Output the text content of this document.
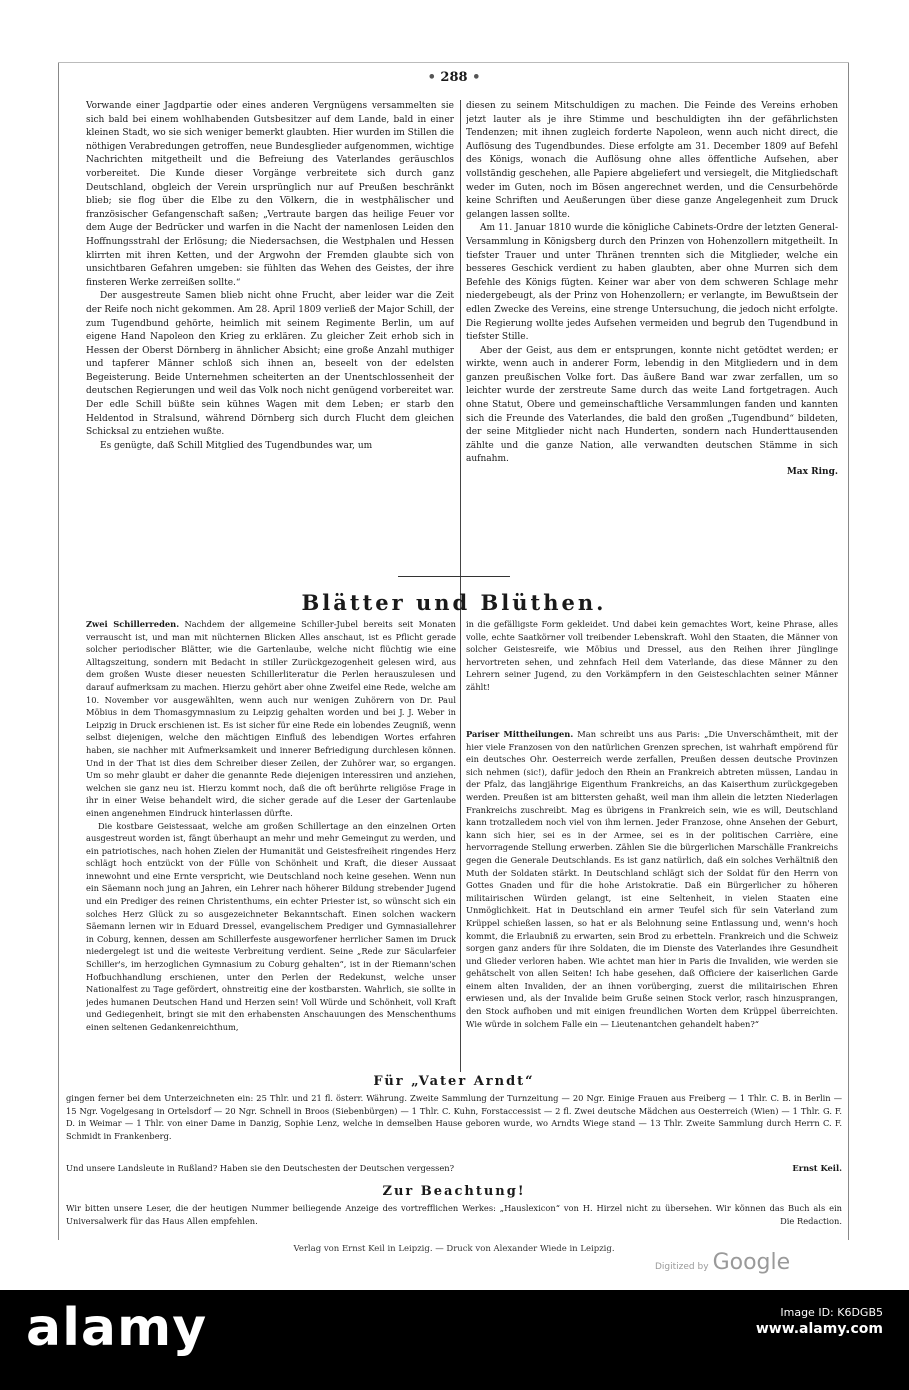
• 288 •

Vorwande einer Jagdpartie oder eines anderen Vergnügens versammelten sie sich bald bei einem wohlhabenden Gutsbesitzer auf dem Lande, bald in einer kleinen Stadt, wo sie sich weniger bemerkt glaubten. Hier wurden im Stillen die nöthigen Verabredungen getroffen, neue Bundesglieder aufgenommen, wichtige Nachrichten mitgetheilt und die Befreiung des Vaterlandes geräuschlos vorbereitet. Die Kunde dieser Vorgänge verbreitete sich durch ganz Deutschland, obgleich der Verein ursprünglich nur auf Preußen beschränkt blieb; sie flog über die Elbe zu den Völkern, die in westphälischer und französischer Gefangenschaft saßen; „Vertraute bargen das heilige Feuer vor dem Auge der Bedrücker und warfen in die Nacht der namenlosen Leiden den Hoffnungsstrahl der Erlösung; die Niedersachsen, die Westphalen und Hessen klirrten mit ihren Ketten, und der Argwohn der Fremden glaubte sich von unsichtbaren Gefahren umgeben: sie fühlten das Wehen des Geistes, der ihre finsteren Werke zerreißen sollte.“

Der ausgestreute Samen blieb nicht ohne Frucht, aber leider war die Zeit der Reife noch nicht gekommen. Am 28. April 1809 verließ der Major Schill, der zum Tugendbund gehörte, heimlich mit seinem Regimente Berlin, um auf eigene Hand Napoleon den Krieg zu erklären. Zu gleicher Zeit erhob sich in Hessen der Oberst Dörnberg in ähnlicher Absicht; eine große Anzahl muthiger und tapferer Männer schloß sich ihnen an, beseelt von der edelsten Begeisterung. Beide Unternehmen scheiterten an der Unentschlossenheit der deutschen Regierungen und weil das Volk noch nicht genügend vorbereitet war. Der edle Schill büßte sein kühnes Wagen mit dem Leben; er starb den Heldentod in Stralsund, während Dörnberg sich durch Flucht dem gleichen Schicksal zu entziehen wußte.

Es genügte, daß Schill Mitglied des Tugendbundes war, um

diesen zu seinem Mitschuldigen zu machen. Die Feinde des Vereins erhoben jetzt lauter als je ihre Stimme und beschuldigten ihn der gefährlichsten Tendenzen; mit ihnen zugleich forderte Napoleon, wenn auch nicht direct, die Auflösung des Tugendbundes. Diese erfolgte am 31. December 1809 auf Befehl des Königs, wonach die Auflösung ohne alles öffentliche Aufsehen, aber vollständig geschehen, alle Papiere abgeliefert und versiegelt, die Mitgliedschaft weder im Guten, noch im Bösen angerechnet werden, und die Censurbehörde keine Schriften und Aeußerungen über diese ganze Angelegenheit zum Druck gelangen lassen sollte.

Am 11. Januar 1810 wurde die königliche Cabinets-Ordre der letzten General-Versammlung in Königsberg durch den Prinzen von Hohenzollern mitgetheilt. In tiefster Trauer und unter Thränen trennten sich die Mitglieder, welche ein besseres Geschick verdient zu haben glaubten, aber ohne Murren sich dem Befehle des Königs fügten. Keiner war aber von dem schweren Schlage mehr niedergebeugt, als der Prinz von Hohenzollern; er verlangte, im Bewußtsein der edlen Zwecke des Vereins, eine strenge Untersuchung, die jedoch nicht erfolgte. Die Regierung wollte jedes Aufsehen vermeiden und begrub den Tugendbund in tiefster Stille.

Aber der Geist, aus dem er entsprungen, konnte nicht getödtet werden; er wirkte, wenn auch in anderer Form, lebendig in den Mitgliedern und in dem ganzen preußischen Volke fort. Das äußere Band war zwar zerfallen, um so leichter wurde der zerstreute Same durch das weite Land fortgetragen. Auch ohne Statut, Obere und gemeinschaftliche Versammlungen fanden und kannten sich die Freunde des Vaterlandes, die bald den großen „Tugendbund“ bildeten, der seine Mitglieder nicht nach Hunderten, sondern nach Hunderttausenden zählte und die ganze Nation, alle verwandten deutschen Stämme in sich aufnahm.

Max Ring.
Blätter und Blüthen.

Zwei Schillerreden. Nachdem der allgemeine Schiller-Jubel bereits seit Monaten verrauscht ist, und man mit nüchternen Blicken Alles anschaut, ist es Pflicht gerade solcher periodischer Blätter, wie die Gartenlaube, welche nicht flüchtig wie eine Alltagszeitung, sondern mit Bedacht in stiller Zurückgezogenheit gelesen wird, aus dem großen Wuste dieser neuesten Schillerliteratur die Perlen herauszulesen und darauf aufmerksam zu machen. Hierzu gehört aber ohne Zweifel eine Rede, welche am 10. November vor ausgewählten, wenn auch nur wenigen Zuhörern von Dr. Paul Möbius in dem Thomasgymnasium zu Leipzig gehalten worden und bei J. J. Weber in Leipzig in Druck erschienen ist. Es ist sicher für eine Rede ein lobendes Zeugniß, wenn selbst diejenigen, welche den mächtigen Einfluß des lebendigen Wortes erfahren haben, sie nachher mit Aufmerksamkeit und innerer Befriedigung durchlesen können. Und in der That ist dies dem Schreiber dieser Zeilen, der Zuhörer war, so ergangen. Um so mehr glaubt er daher die genannte Rede diejenigen interessiren und anziehen, welchen sie ganz neu ist. Hierzu kommt noch, daß die oft berührte religiöse Frage in ihr in einer Weise behandelt wird, die sicher gerade auf die Leser der Gartenlaube einen angenehmen Eindruck hinterlassen dürfte.

Die kostbare Geistessaat, welche am großen Schillertage an den einzelnen Orten ausgestreut worden ist, fängt überhaupt an mehr und mehr Gemeingut zu werden, und ein patriotisches, nach hohen Zielen der Humanität und Geistesfreiheit ringendes Herz schlägt hoch entzückt von der Fülle von Schönheit und Kraft, die dieser Aussaat innewohnt und eine Ernte verspricht, wie Deutschland noch keine gesehen. Wenn nun ein Säemann noch jung an Jahren, ein Lehrer nach höherer Bildung strebender Jugend und ein Prediger des reinen Christenthums, ein echter Priester ist, so wünscht sich ein solches Herz Glück zu so ausgezeichneter Bekanntschaft. Einen solchen wackern Säemann lernen wir in Eduard Dressel, evangelischem Prediger und Gymnasiallehrer in Coburg, kennen, dessen am Schillerfeste ausgeworfener herrlicher Samen im Druck niedergelegt ist und die weiteste Verbreitung verdient. Seine „Rede zur Säcularfeier Schiller's, im herzoglichen Gymnasium zu Coburg gehalten“, ist in der Riemann'schen Hofbuchhandlung erschienen, unter den Perlen der Redekunst, welche unser Nationalfest zu Tage gefördert, ohnstreitig eine der kostbarsten. Wahrlich, sie sollte in jedes humanen Deutschen Hand und Herzen sein! Voll Würde und Schönheit, voll Kraft und Gediegenheit, bringt sie mit den erhabensten Anschauungen des Menschenthums einen seltenen Gedankenreichthum,

in die gefälligste Form gekleidet. Und dabei kein gemachtes Wort, keine Phrase, alles volle, echte Saatkörner voll treibender Lebenskraft. Wohl den Staaten, die Männer von solcher Geistesreife, wie Möbius und Dressel, aus den Reihen ihrer Jünglinge hervortreten sehen, und zehnfach Heil dem Vaterlande, das diese Männer zu den Lehrern seiner Jugend, zu den Vorkämpfern in den Geisteschlachten seiner Männer zählt!

Pariser Mittheilungen. Man schreibt uns aus Paris: „Die Unverschämtheit, mit der hier viele Franzosen von den natürlichen Grenzen sprechen, ist wahrhaft empörend für ein deutsches Ohr. Oesterreich werde zerfallen, Preußen dessen deutsche Provinzen sich nehmen (sic!), dafür jedoch den Rhein an Frankreich abtreten müssen, Landau in der Pfalz, das langjährige Eigenthum Frankreichs, an das Kaiserthum zurückgegeben werden. Preußen ist am bittersten gehaßt, weil man ihm allein die letzten Niederlagen Frankreichs zuschreibt. Mag es übrigens in Frankreich sein, wie es will, Deutschland kann trotzalledem noch viel von ihm lernen. Jeder Franzose, ohne Ansehen der Geburt, kann sich hier, sei es in der Armee, sei es in der politischen Carrière, eine hervorragende Stellung erwerben. Zählen Sie die bürgerlichen Marschälle Frankreichs gegen die Generale Deutschlands. Es ist ganz natürlich, daß ein solches Verhältniß den Muth der Soldaten stärkt. In Deutschland schlägt sich der Soldat für den Herrn von Gottes Gnaden und für die hohe Aristokratie. Daß ein Bürgerlicher zu höheren militairischen Würden gelangt, ist eine Seltenheit, in vielen Staaten eine Unmöglichkeit. Hat in Deutschland ein armer Teufel sich für sein Vaterland zum Krüppel schießen lassen, so hat er als Belohnung seine Entlassung und, wenn's hoch kommt, die Erlaubniß zu erwarten, sein Brod zu erbetteln. Frankreich und die Schweiz sorgen ganz anders für ihre Soldaten, die im Dienste des Vaterlandes ihre Gesundheit und Glieder verloren haben. Wie achtet man hier in Paris die Invaliden, wie werden sie gehätschelt von allen Seiten! Ich habe gesehen, daß Officiere der kaiserlichen Garde einem alten Invaliden, der an ihnen vorüberging, zuerst die militairischen Ehren erwiesen und, als der Invalide beim Gruße seinen Stock verlor, rasch hinzusprangen, den Stock aufhoben und mit einigen freundlichen Worten dem Krüppel überreichten. Wie würde in solchem Falle ein — Lieutenantchen gehandelt haben?“

Für „Vater Arndt“
gingen ferner bei dem Unterzeichneten ein: 25 Thlr. und 21 fl. österr. Währung. Zweite Sammlung der Turnzeitung — 20 Ngr. Einige Frauen aus Freiberg — 1 Thlr. C. B. in Berlin — 15 Ngr. Vogelgesang in Ortelsdorf — 20 Ngr. Schnell in Broos (Siebenbürgen) — 1 Thlr. C. Kuhn, Forstaccessist — 2 fl. Zwei deutsche Mädchen aus Oesterreich (Wien) — 1 Thlr. G. F. D. in Weimar — 1 Thlr. von einer Dame in Danzig, Sophie Lenz, welche in demselben Hause geboren wurde, wo Arndts Wiege stand — 13 Thlr. Zweite Sammlung durch Herrn C. F. Schmidt in Frankenberg.
Und unsere Landsleute in Rußland? Haben sie den Deutschesten der Deutschen vergessen?	Ernst Keil.
Zur Beachtung!
Wir bitten unsere Leser, die der heutigen Nummer beiliegende Anzeige des vortrefflichen Werkes: „Hauslexicon“ von H. Hirzel nicht zu übersehen. Wir können das Buch als ein Universalwerk für das Haus Allen empfehlen.	Die Redaction.
Verlag von Ernst Keil in Leipzig. — Druck von Alexander Wiede in Leipzig.
Digitized by Google
alamy	Image ID: K6DGB5
www.alamy.com
